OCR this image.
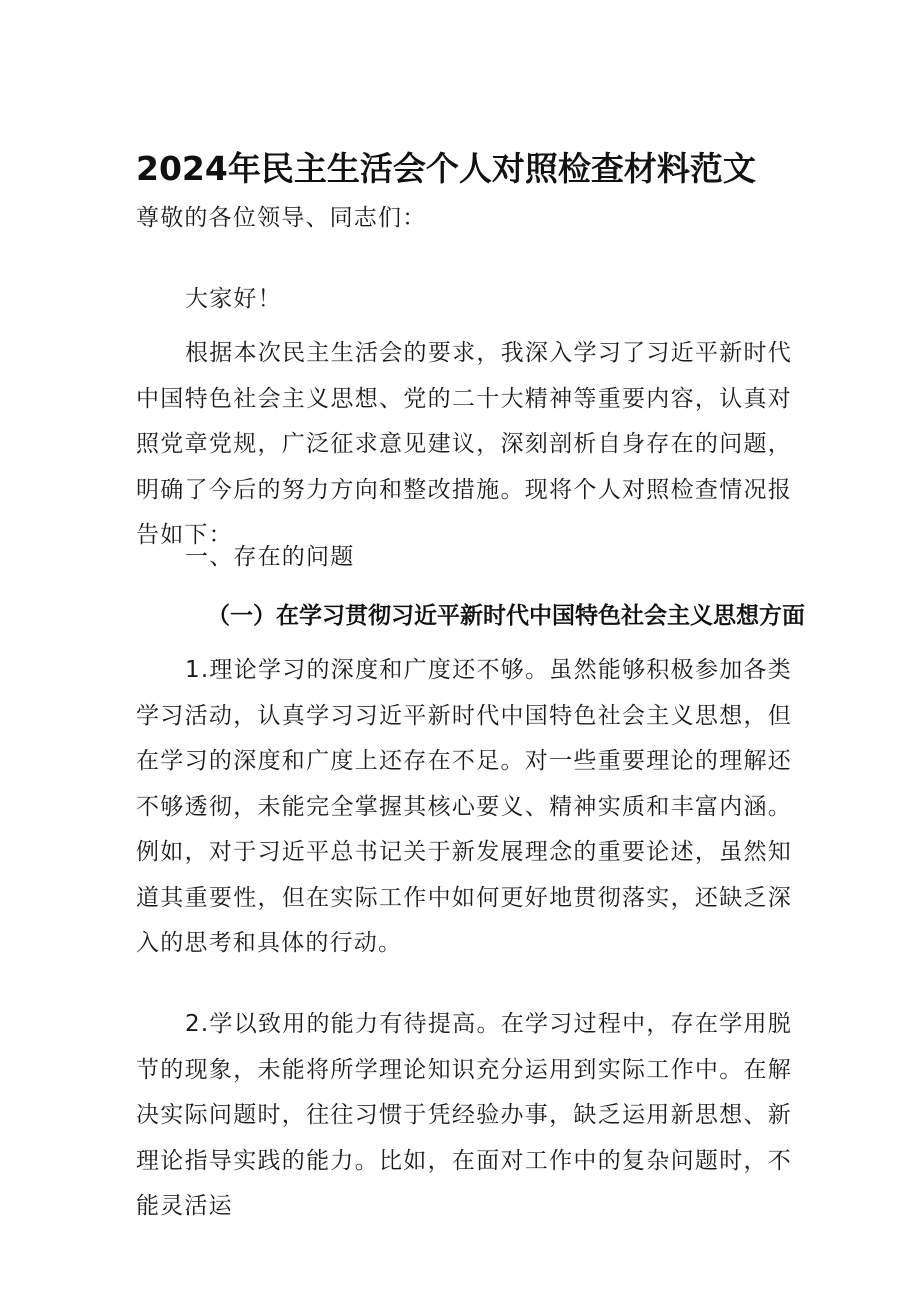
2024年民主生活会个人对照检查材料范文
尊敬的各位领导、同志们：
大家好！
根据本次民主生活会的要求，我深入学习了习近平新时代中国特色社会主义思想、党的二十大精神等重要内容，认真对照党章党规，广泛征求意见建议，深刻剖析自身存在的问题，明确了今后的努力方向和整改措施。现将个人对照检查情况报告如下：
一、存在的问题
（一）在学习贯彻习近平新时代中国特色社会主义思想方面
1.理论学习的深度和广度还不够。虽然能够积极参加各类学习活动，认真学习习近平新时代中国特色社会主义思想，但在学习的深度和广度上还存在不足。对一些重要理论的理解还不够透彻，未能完全掌握其核心要义、精神实质和丰富内涵。例如，对于习近平总书记关于新发展理念的重要论述，虽然知道其重要性，但在实际工作中如何更好地贯彻落实，还缺乏深入的思考和具体的行动。
2.学以致用的能力有待提高。在学习过程中，存在学用脱节的现象，未能将所学理论知识充分运用到实际工作中。在解决实际问题时，往往习惯于凭经验办事，缺乏运用新思想、新理论指导实践的能力。比如，在面对工作中的复杂问题时，不能灵活运
